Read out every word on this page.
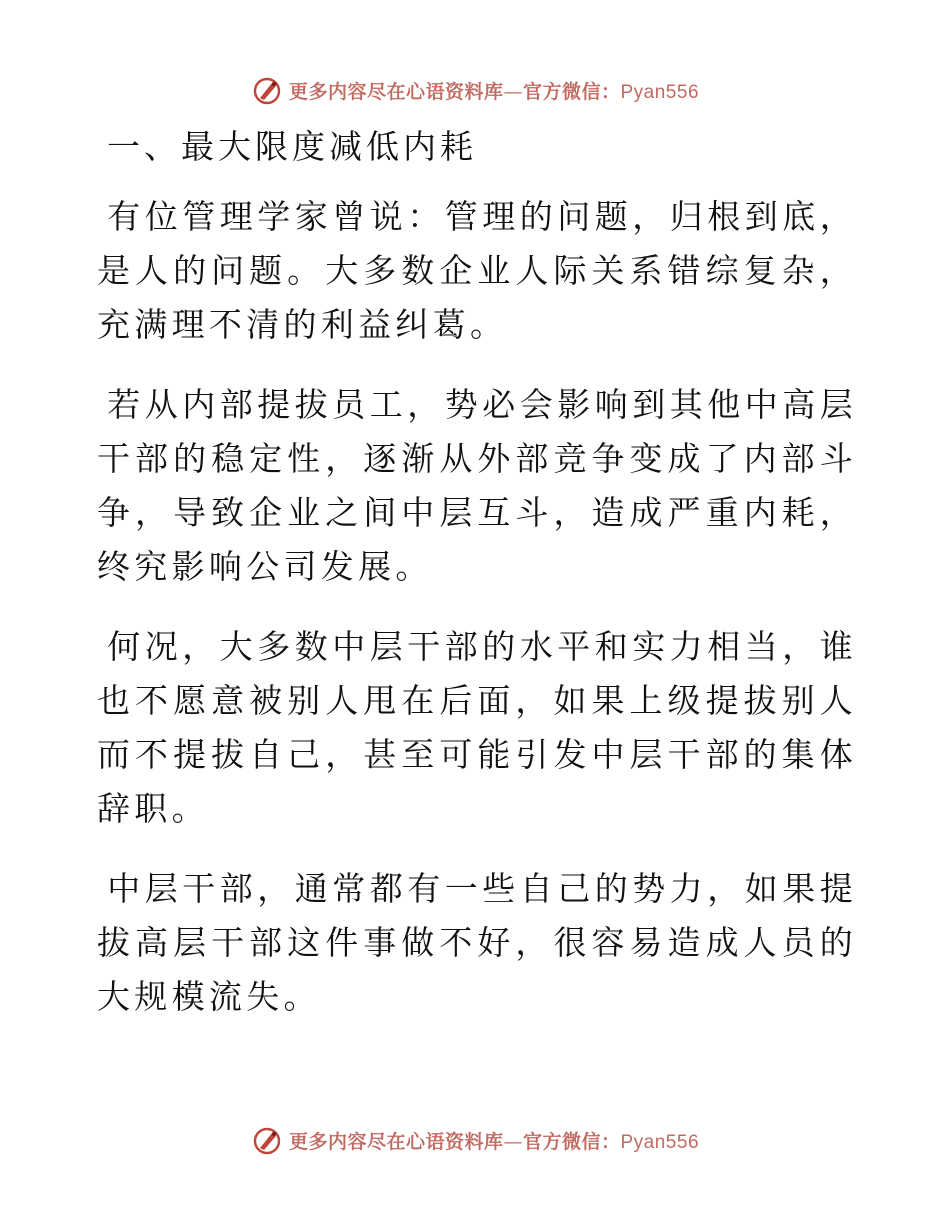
更多内容尽在心语资料库—官方微信：Pyan556
一、最大限度减低内耗

有位管理学家曾说：管理的问题，归根到底，是人的问题。大多数企业人际关系错综复杂，充满理不清的利益纠葛。

若从内部提拔员工，势必会影响到其他中高层干部的稳定性，逐渐从外部竞争变成了内部斗争，导致企业之间中层互斗，造成严重内耗，终究影响公司发展。

何况，大多数中层干部的水平和实力相当，谁也不愿意被别人甩在后面，如果上级提拔别人而不提拔自己，甚至可能引发中层干部的集体辞职。

中层干部，通常都有一些自己的势力，如果提拔高层干部这件事做不好，很容易造成人员的大规模流失。

更多内容尽在心语资料库—官方微信：Pyan556
